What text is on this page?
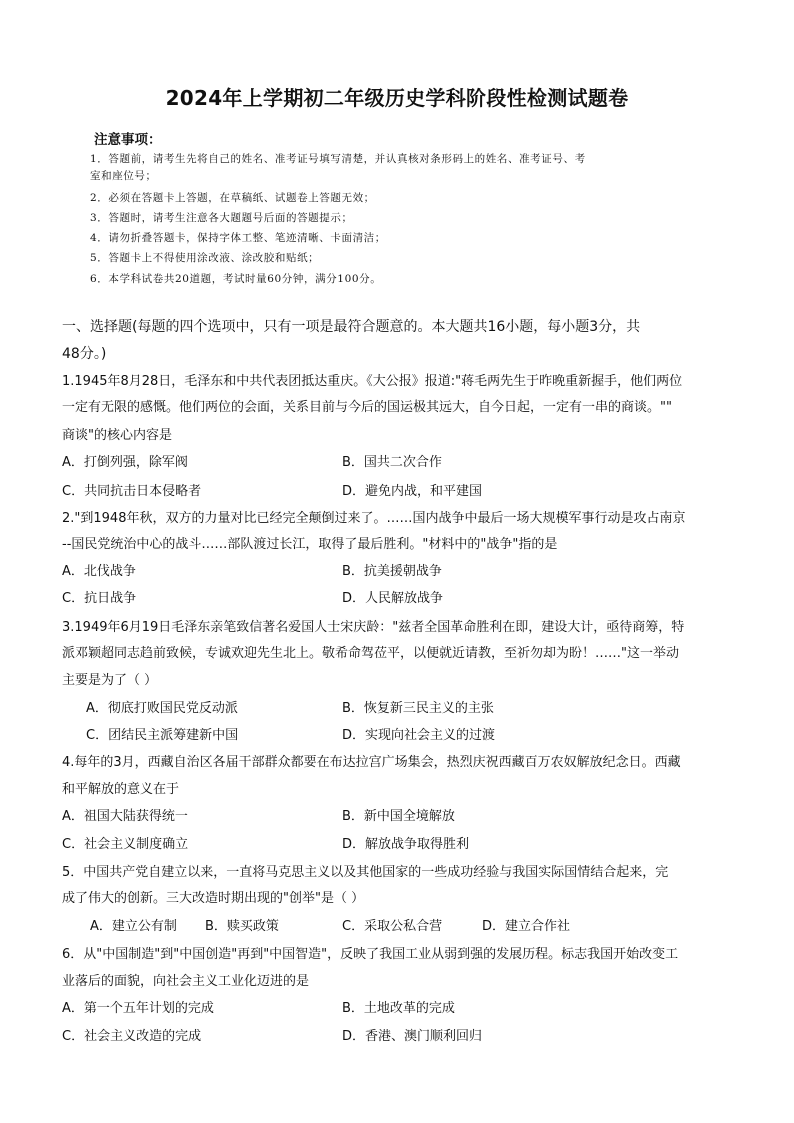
2024年上学期初二年级历史学科阶段性检测试题卷
注意事项：
1．答题前，请考生先将自己的姓名、准考证号填写清楚，并认真核对条形码上的姓名、准考证号、考
室和座位号；
2．必须在答题卡上答题，在草稿纸、试题卷上答题无效；
3．答题时，请考生注意各大题题号后面的答题提示；
4．请勿折叠答题卡，保持字体工整、笔迹清晰、卡面清洁；
5．答题卡上不得使用涂改液、涂改胶和贴纸；
6．本学科试卷共20道题，考试时量60分钟，满分100分。
一、选择题(每题的四个选项中，只有一项是最符合题意的。本大题共16小题，每小题3分，共
48分。)
1.1945年8月28日，毛泽东和中共代表团抵达重庆。《大公报》报道:"蒋毛两先生于昨晚重新握手，他们两位
一定有无限的感慨。他们两位的会面，关系目前与今后的国运极其远大，自今日起，一定有一串的商谈。""
商谈"的核心内容是
A．打倒列强，除军阀	B．国共二次合作
C．共同抗击日本侵略者	D．避免内战，和平建国
2."到1948年秋，双方的力量对比已经完全颠倒过来了。……国内战争中最后一场大规模军事行动是攻占南京
--国民党统治中心的战斗……部队渡过长江，取得了最后胜利。"材料中的"战争"指的是
A．北伐战争	B．抗美援朝战争
C．抗日战争	D．人民解放战争
3.1949年6月19日毛泽东亲笔致信著名爱国人士宋庆龄："兹者全国革命胜利在即，建设大计，亟待商筹，特
派邓颖超同志趋前致候，专诚欢迎先生北上。敬希命驾莅平，以便就近请教，至祈勿却为盼！……"这一举动
主要是为了（ ）
A．彻底打败国民党反动派	B．恢复新三民主义的主张
C．团结民主派筹建新中国	D．实现向社会主义的过渡
4.每年的3月，西藏自治区各届干部群众都要在布达拉宫广场集会，热烈庆祝西藏百万农奴解放纪念日。西藏
和平解放的意义在于
A．祖国大陆获得统一	B．新中国全境解放
C．社会主义制度确立	D．解放战争取得胜利
5．中国共产党自建立以来，一直将马克思主义以及其他国家的一些成功经验与我国实际国情结合起来，完
成了伟大的创新。三大改造时期出现的"创举"是（ ）
A．建立公有制 B．赎买政策	C．采取公私合营	D．建立合作社
6．从"中国制造"到"中国创造"再到"中国智造"，反映了我国工业从弱到强的发展历程。标志我国开始改变工
业落后的面貌，向社会主义工业化迈进的是
A．第一个五年计划的完成	B．土地改革的完成
C．社会主义改造的完成	D．香港、澳门顺利回归
